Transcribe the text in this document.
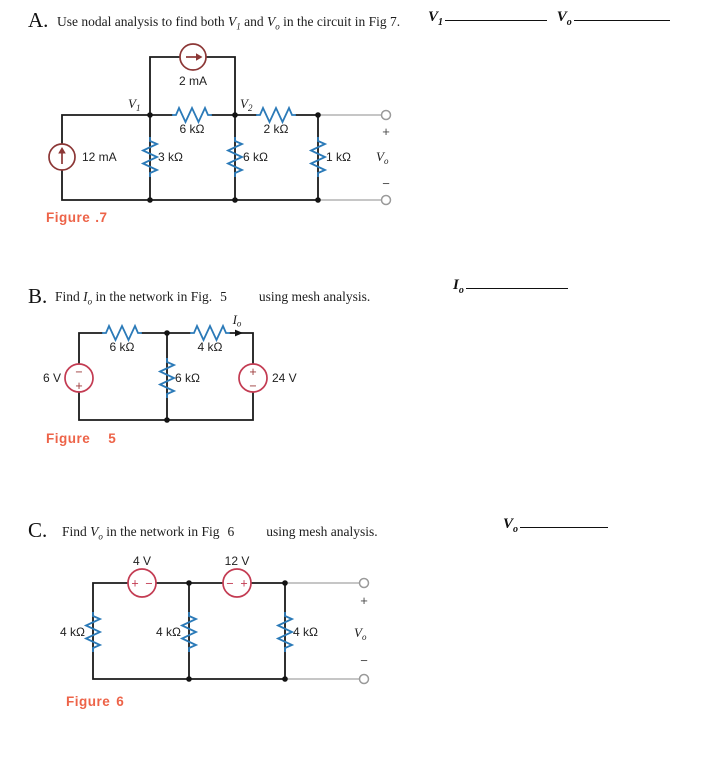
A. Use nodal analysis to find both $V_1$ and $V_o$ in the circuit in Fig 7. $V_1$	$V_o$
2 mA
12 mA
$V_1$	$V_2$
6 kΩ	2 kΩ
3 kΩ	6 kΩ	1 kΩ
+
−
$V_o$
Figure .7
B. Find $I_o$ in the network in Fig. 5 using mesh analysis.
$I_o$
Io
−
+
+
−
6 V	24 V
6 kΩ	4 kΩ
6 kΩ
Figure 5
C. Find $V_o$ in the network in Fig 6 using mesh analysis.	$V_o$
+ −	− +
4 V	12 V
4 kΩ	4 kΩ	4 kΩ
+
−
$V_o$
Figure 6
